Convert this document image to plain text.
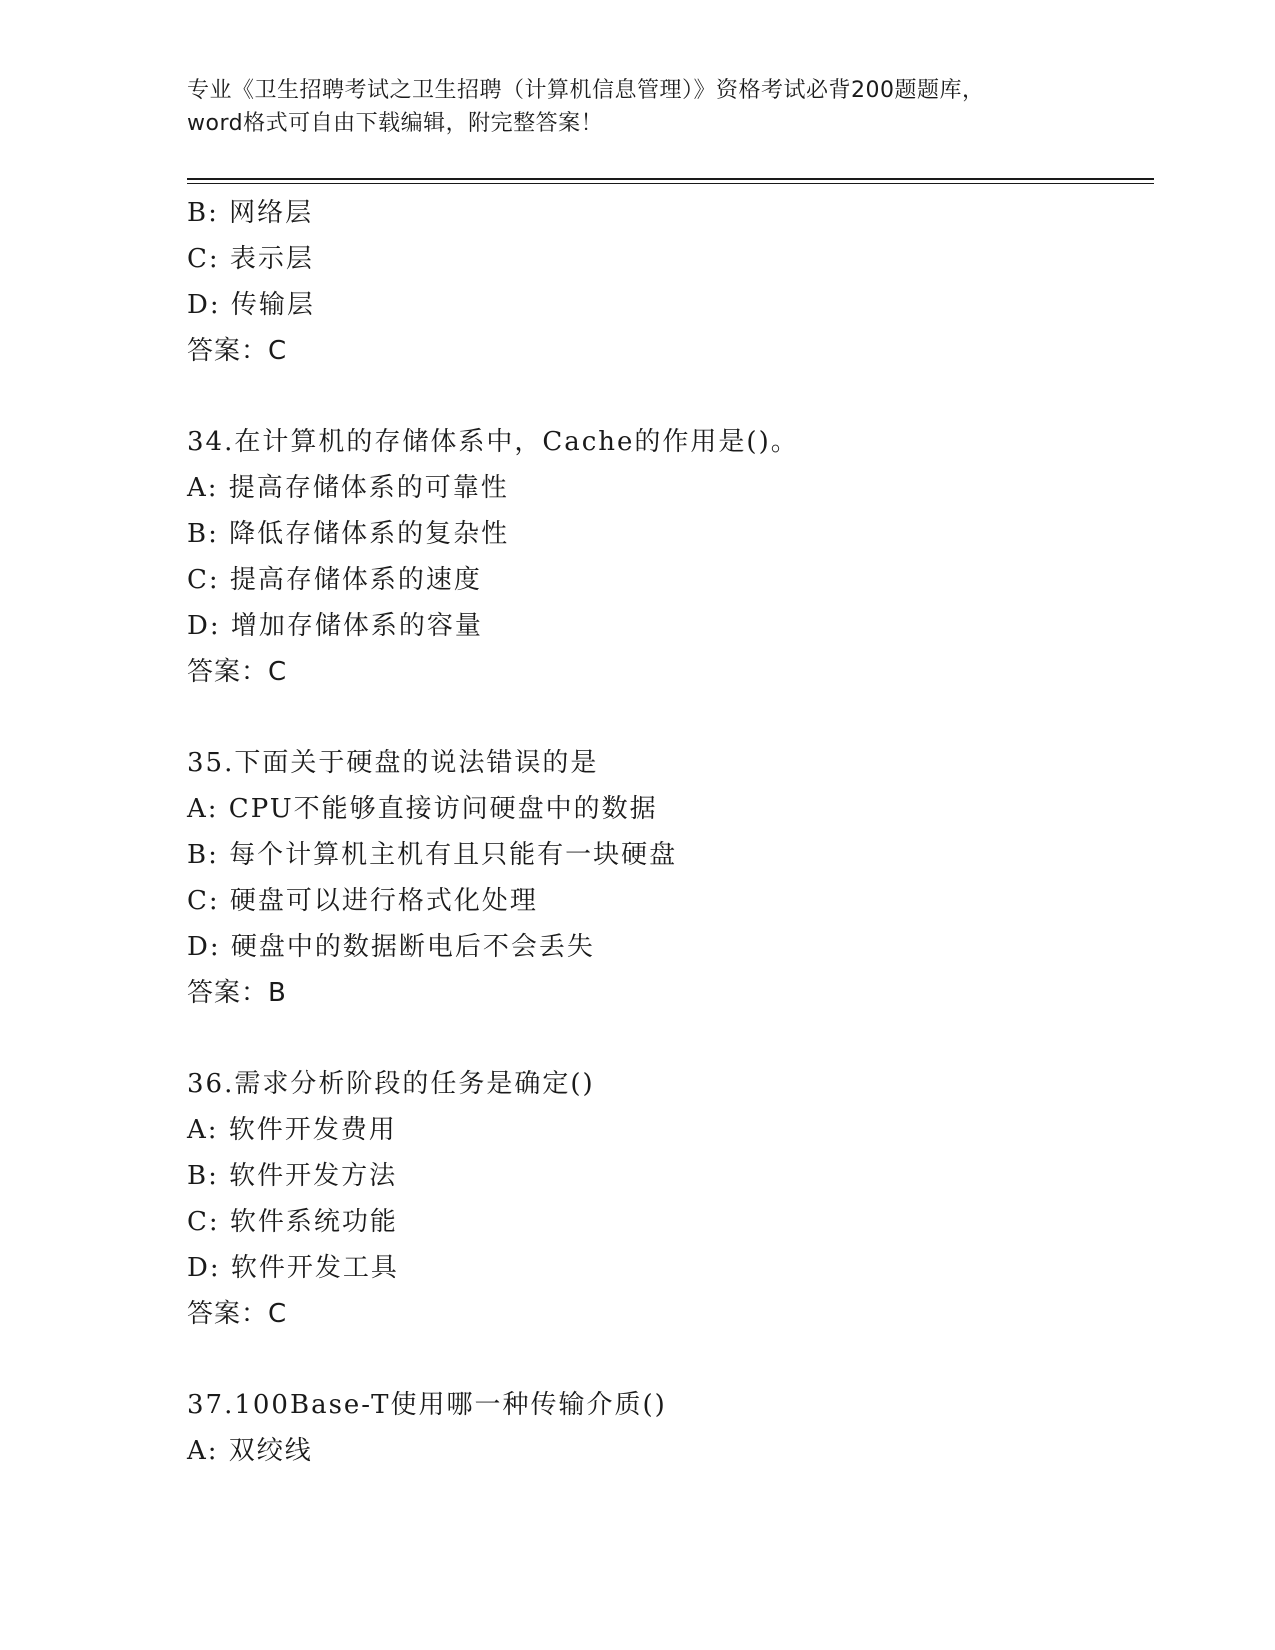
专业《卫生招聘考试之卫生招聘（计算机信息管理）》资格考试必背200题题库，
word格式可自由下载编辑，附完整答案！
B: 网络层
C: 表示层
D: 传输层
答案：C
34.在计算机的存储体系中，Cache的作用是()。
A: 提高存储体系的可靠性
B: 降低存储体系的复杂性
C: 提高存储体系的速度
D: 增加存储体系的容量
答案：C
35.下面关于硬盘的说法错误的是
A: CPU不能够直接访问硬盘中的数据
B: 每个计算机主机有且只能有一块硬盘
C: 硬盘可以进行格式化处理
D: 硬盘中的数据断电后不会丢失
答案：B
36.需求分析阶段的任务是确定()
A: 软件开发费用
B: 软件开发方法
C: 软件系统功能
D: 软件开发工具
答案：C
37.100Base-T使用哪一种传输介质()
A: 双绞线
